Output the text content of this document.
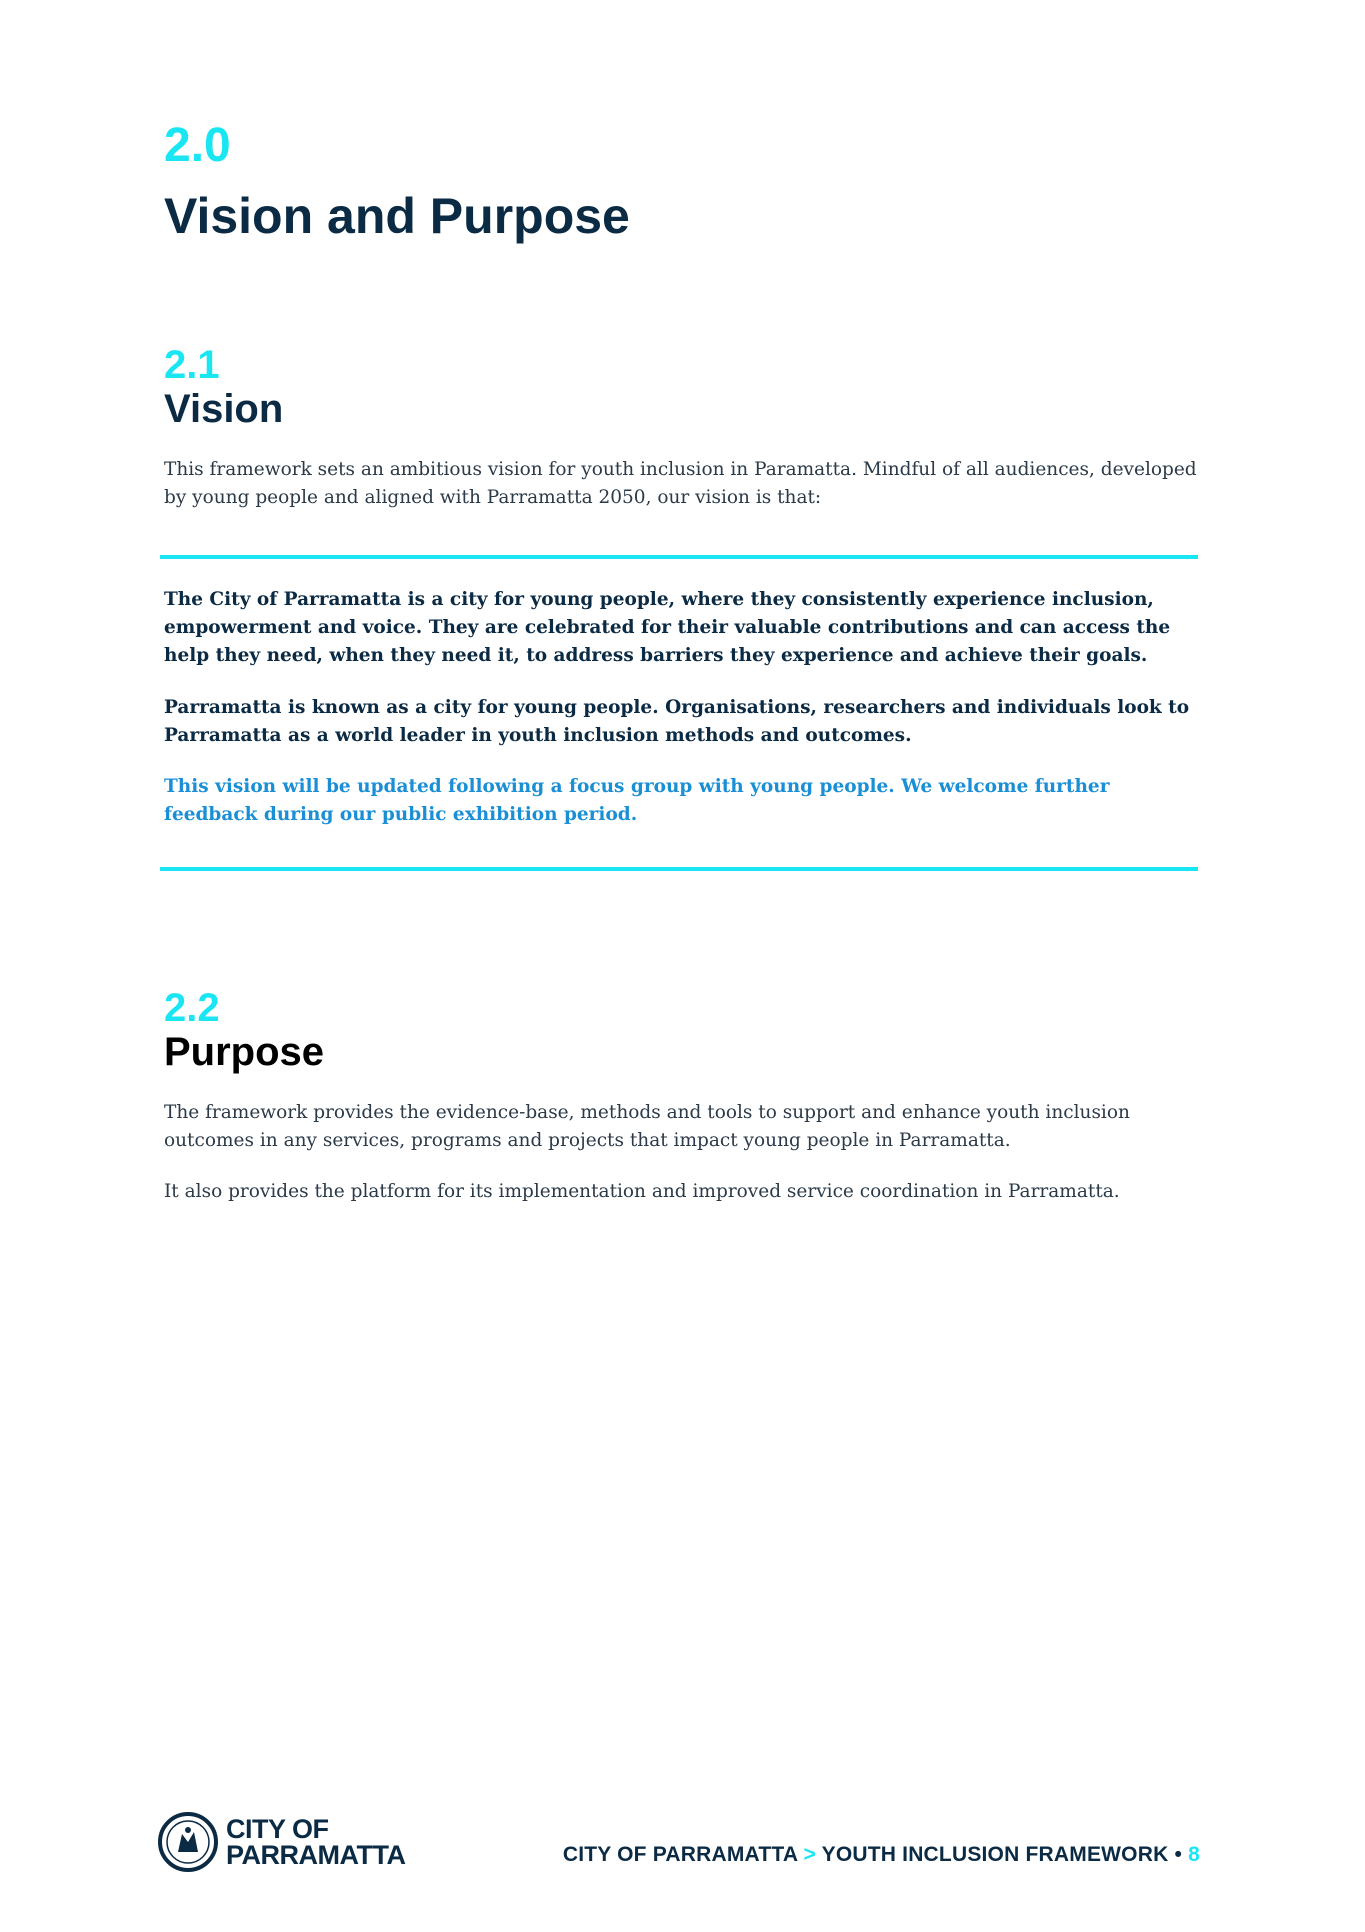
2.0
Vision and Purpose
2.1
Vision

This framework sets an ambitious vision for youth inclusion in Paramatta. Mindful of all audiences, developed by young people and aligned with Parramatta 2050, our vision is that:

The City of Parramatta is a city for young people, where they consistently experience inclusion, empowerment and voice. They are celebrated for their valuable contributions and can access the help they need, when they need it, to address barriers they experience and achieve their goals.

Parramatta is known as a city for young people. Organisations, researchers and individuals look to Parramatta as a world leader in youth inclusion methods and outcomes.

This vision will be updated following a focus group with young people. We welcome further feedback during our public exhibition period.

2.2
Purpose

The framework provides the evidence-base, methods and tools to support and enhance youth inclusion outcomes in any services, programs and projects that impact young people in Parramatta.

It also provides the platform for its implementation and improved service coordination in Parramatta.

CITY OF
PARRAMATTA	CITY OF PARRAMATTA > YOUTH INCLUSION FRAMEWORK • 8
